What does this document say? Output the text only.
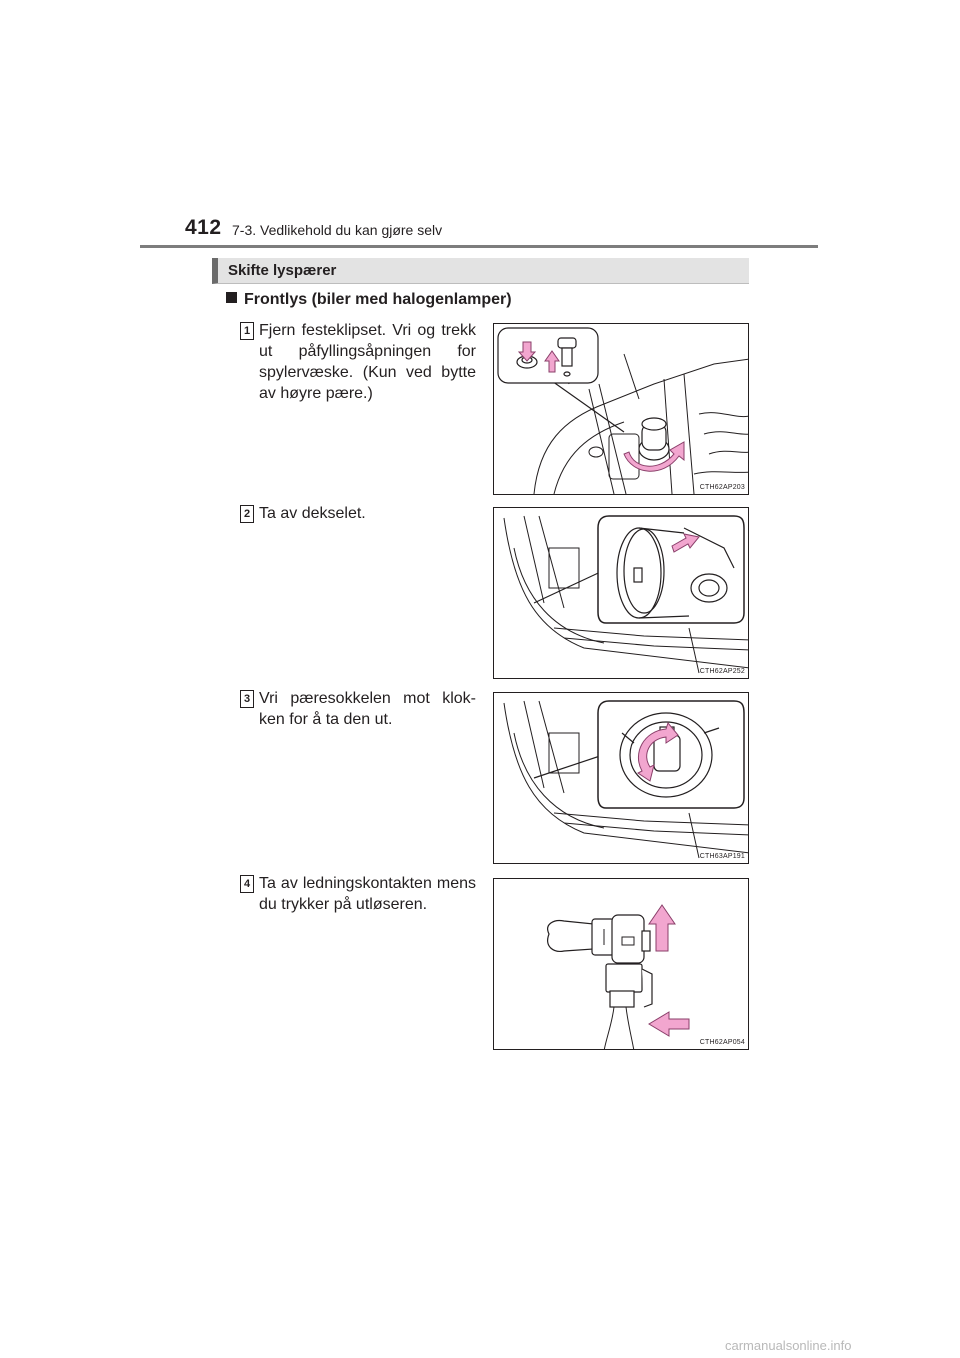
412 7-3. Vedlikehold du kan gjøre selv
Skifte lyspærer
Frontlys (biler med halogenlamper)
1 Fjern festeklipset. Vri og trekk ut påfyllingsåpningen for spylervæske. (Kun ved bytte av høyre pære.)
CTH62AP203
2 Ta av dekselet.
CTH62AP252
3 Vri pæresokkelen mot klok-ken for å ta den ut.
CTH63AP191
4 Ta av ledningskontakten mens du trykker på utløseren.
CTH62AP054
carmanualsonline.info
